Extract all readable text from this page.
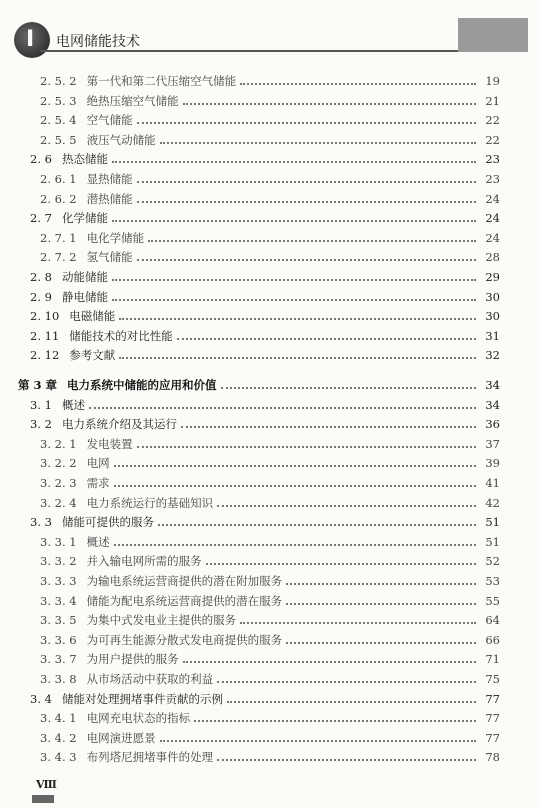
I 电网储能技术
2. 5. 2 第一代和第二代压缩空气储能	19
2. 5. 3 绝热压缩空气储能	21
2. 5. 4 空气储能	22
2. 5. 5 液压气动储能	22
2. 6 热态储能	23
2. 6. 1 显热储能	23
2. 6. 2 潜热储能	24
2. 7 化学储能	24
2. 7. 1 电化学储能	24
2. 7. 2 氢气储能	28
2. 8 动能储能	29
2. 9 静电储能	30
2. 10 电磁储能	30
2. 11 储能技术的对比性能	31
2. 12 参考文献	32
第 3 章 电力系统中储能的应用和价值	34
3. 1 概述	34
3. 2 电力系统介绍及其运行	36
3. 2. 1 发电装置	37
3. 2. 2 电网	39
3. 2. 3 需求	41
3. 2. 4 电力系统运行的基础知识	42
3. 3 储能可提供的服务	51
3. 3. 1 概述	51
3. 3. 2 并入输电网所需的服务	52
3. 3. 3 为输电系统运营商提供的潜在附加服务	53
3. 3. 4 储能为配电系统运营商提供的潜在服务	55
3. 3. 5 为集中式发电业主提供的服务	64
3. 3. 6 为可再生能源分散式发电商提供的服务	66
3. 3. 7 为用户提供的服务	71
3. 3. 8 从市场活动中获取的利益	75
3. 4 储能对处理拥堵事件贡献的示例	77
3. 4. 1 电网充电状态的指标	77
3. 4. 2 电网演进愿景	77
3. 4. 3 布列塔尼拥堵事件的处理	78
Ⅷ
